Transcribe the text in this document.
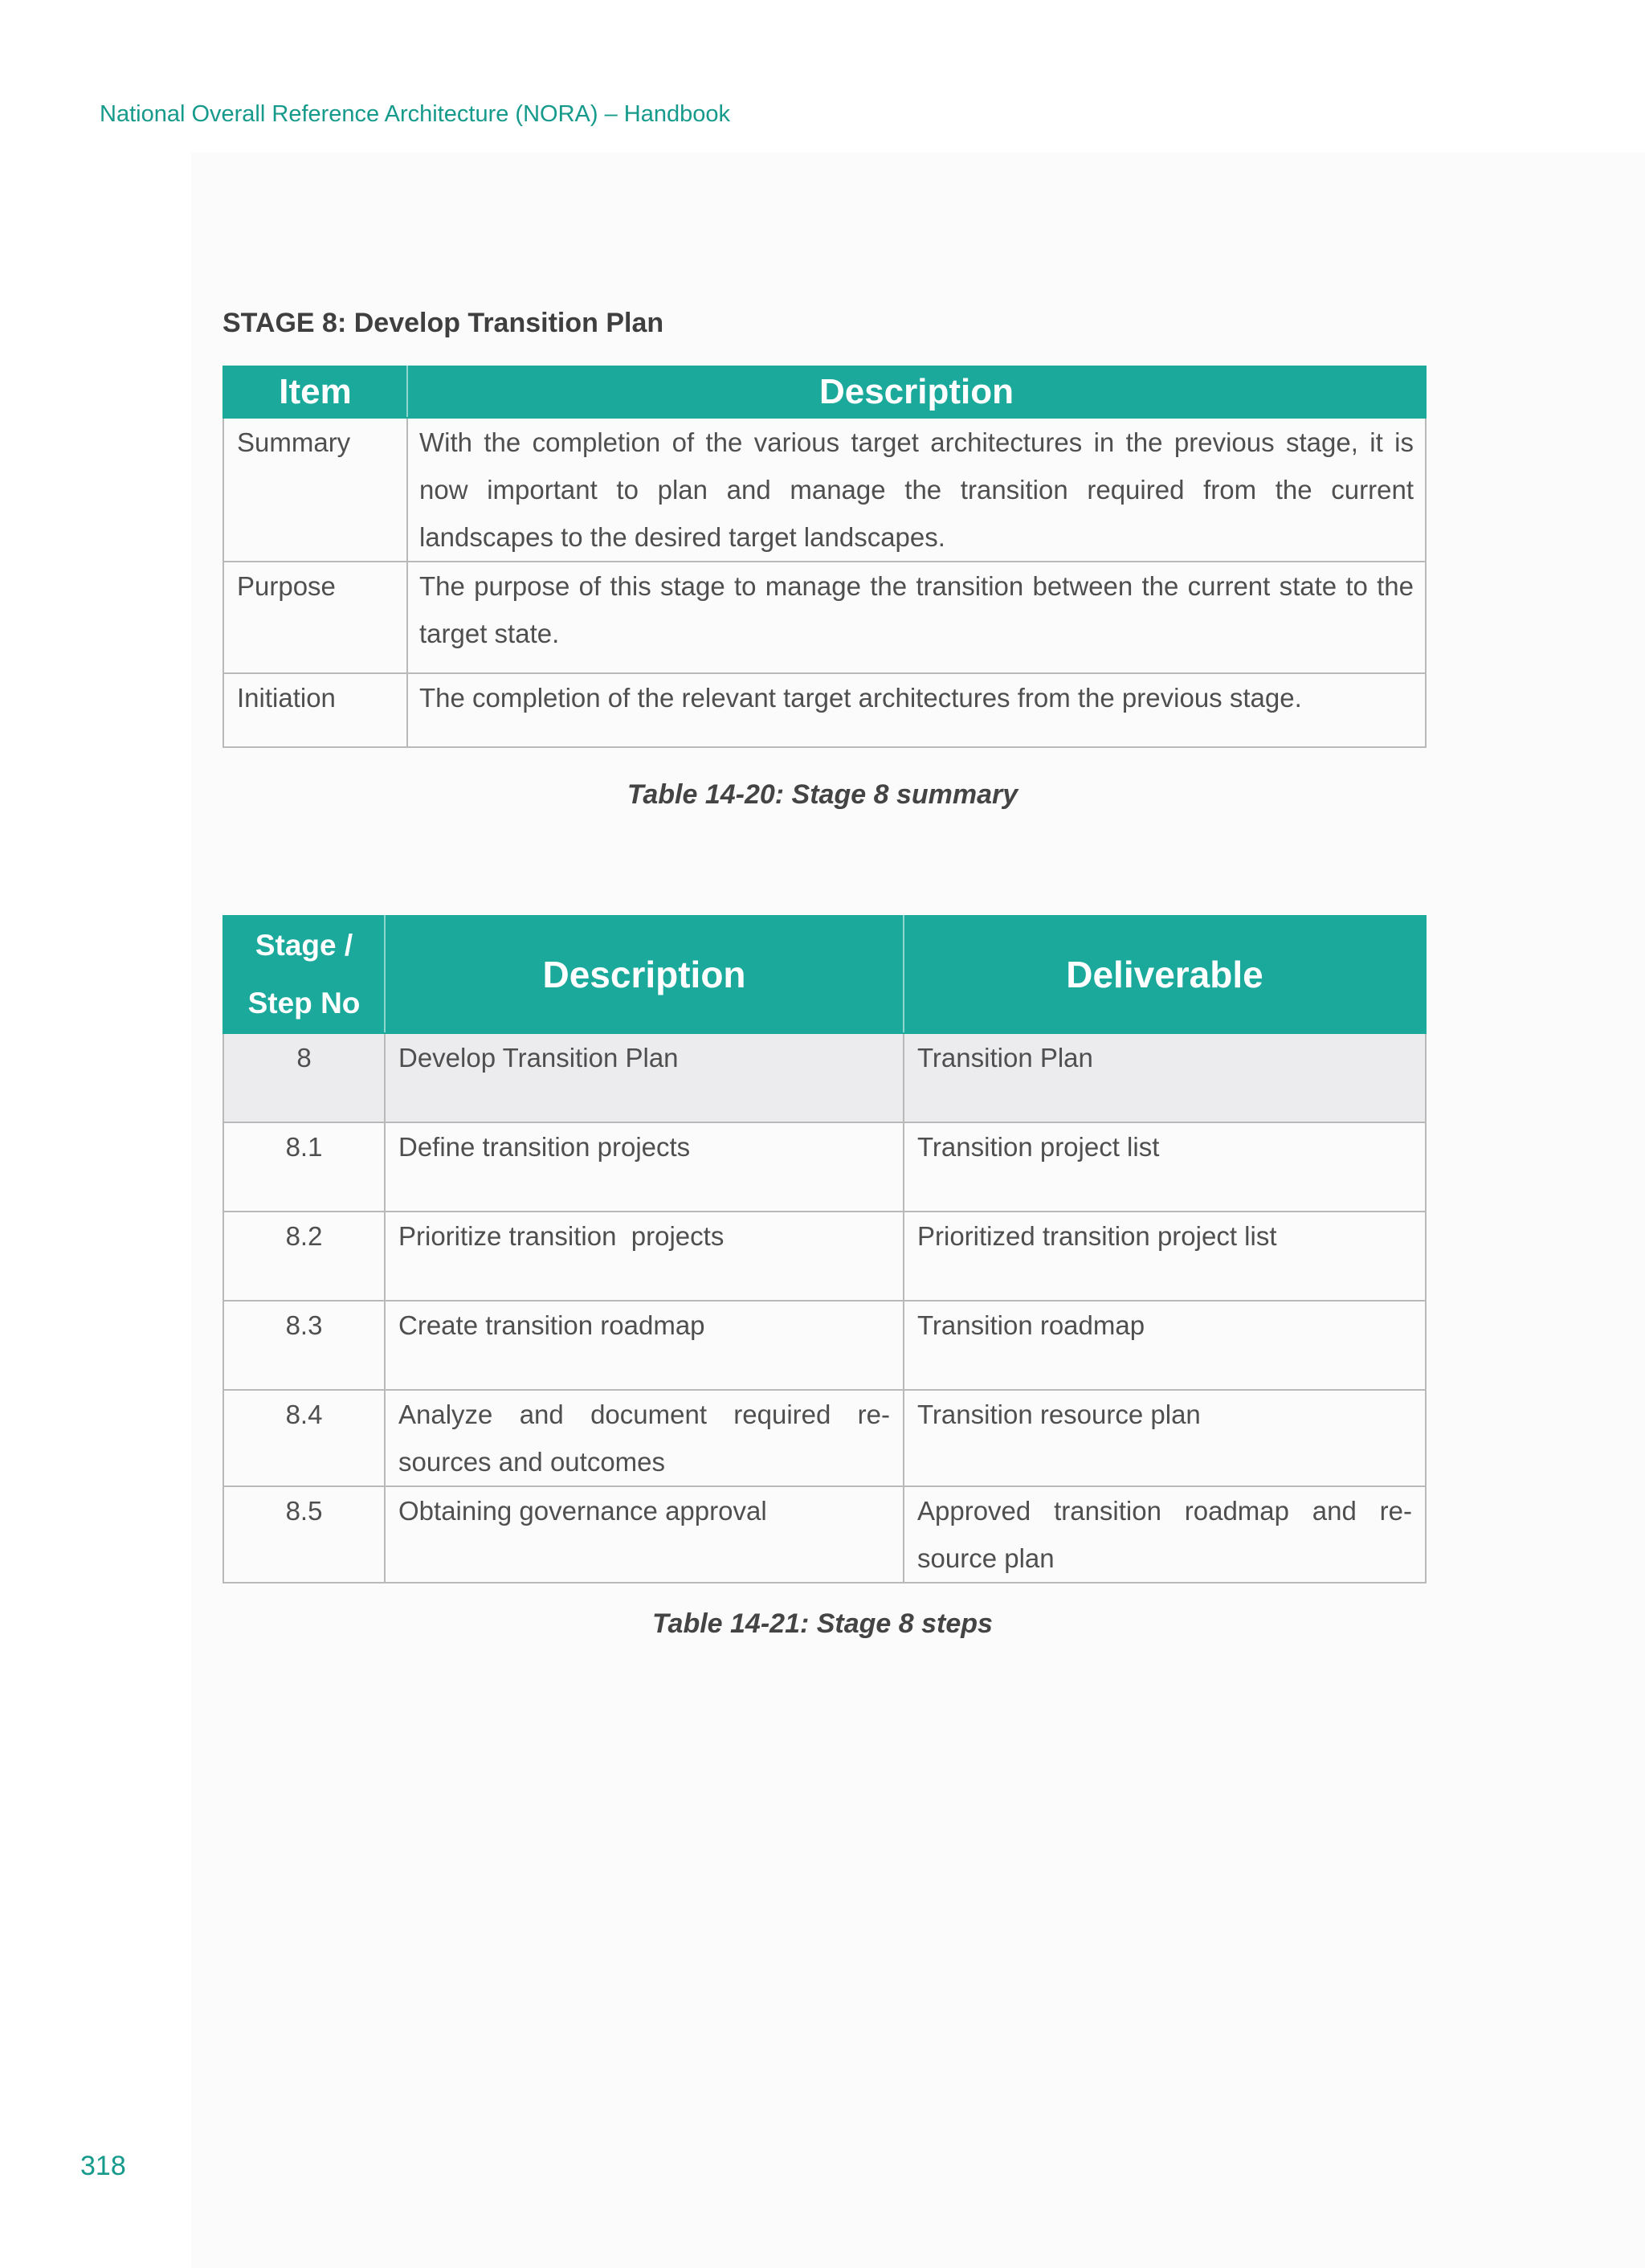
National Overall Reference Architecture (NORA) – Handbook
STAGE 8: Develop Transition Plan
Item	Description
Summary	With the completion of the various target architectures in the previous stage, it is now important to plan and manage the transition required from the current landscapes to the desired target landscapes.
Purpose	The purpose of this stage to manage the transition between the current state to the target state.
Initiation	The completion of the relevant target architectures from the previous stage.
Table 14-20: Stage 8 summary
Stage /
Step No	Description	Deliverable
8	Develop Transition Plan	Transition Plan
8.1	Define transition projects	Transition project list
8.2	Prioritize transition  projects	Prioritized transition project list
8.3	Create transition roadmap	Transition roadmap
8.4	Analyze and document required re-sources and outcomes	Transition resource plan
8.5	Obtaining governance approval	Approved transition roadmap and re-source plan
Table 14-21: Stage 8 steps
318
